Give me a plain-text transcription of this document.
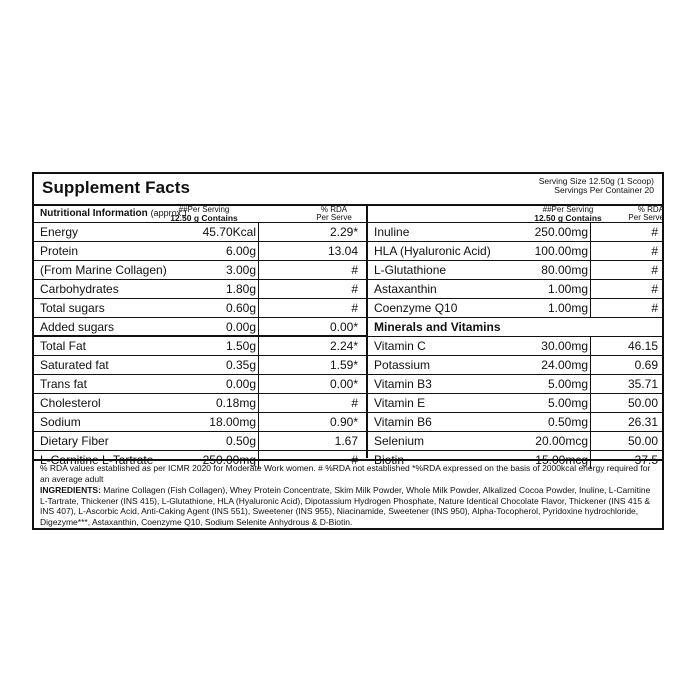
Supplement Facts	Serving Size 12.50g (1 Scoop)
Servings Per Container 20
Nutritional Information (approx.)
##Per Serving
12.50 g Contains
% RDA
Per Serve
Energy	45.70Kcal	2.29*
Protein	6.00g	13.04
(From Marine Collagen)	3.00g	#
Carbohydrates	1.80g	#
Total sugars	0.60g	#
Added sugars	0.00g	0.00*
Total Fat	1.50g	2.24*
Saturated fat	0.35g	1.59*
Trans fat	0.00g	0.00*
Cholesterol	0.18mg	#
Sodium	18.00mg	0.90*
Dietary Fiber	0.50g	1.67
L-Carnitine L-Tartrate	250.00mg	#
##Per Serving
12.50 g Contains
% RDA
Per Serve
Inuline	250.00mg	#
HLA (Hyaluronic Acid)	100.00mg	#
L-Glutathione	80.00mg	#
Astaxanthin	1.00mg	#
Coenzyme Q10	1.00mg	#
Minerals and Vitamins
Vitamin C	30.00mg	46.15
Potassium	24.00mg	0.69
Vitamin B3	5.00mg	35.71
Vitamin E	5.00mg	50.00
Vitamin B6	0.50mg	26.31
Selenium	20.00mcg	50.00
Biotin	15.00mcg	37.5
% RDA values established as per ICMR 2020 for Moderate Work women. # %RDA not established *%RDA expressed on the basis of 2000kcal energy required for an average adult
INGREDIENTS: Marine Collagen (Fish Collagen), Whey Protein Concentrate, Skim Milk Powder, Whole Milk Powder, Alkalized Cocoa Powder, Inuline, L-Carnitine L-Tartrate, Thickener (INS 415), L-Glutathione, HLA (Hyaluronic Acid), Dipotassium Hydrogen Phosphate, Nature Identical Chocolate Flavor, Thickener (INS 415 & INS 407), L-Ascorbic Acid, Anti-Caking Agent (INS 551), Sweetener (INS 955), Niacinamide, Sweetener (INS 950), Alpha-Tocopherol, Pyridoxine hydrochloride, Digezyme***, Astaxanthin, Coenzyme Q10, Sodium Selenite Anhydrous & D-Biotin.
